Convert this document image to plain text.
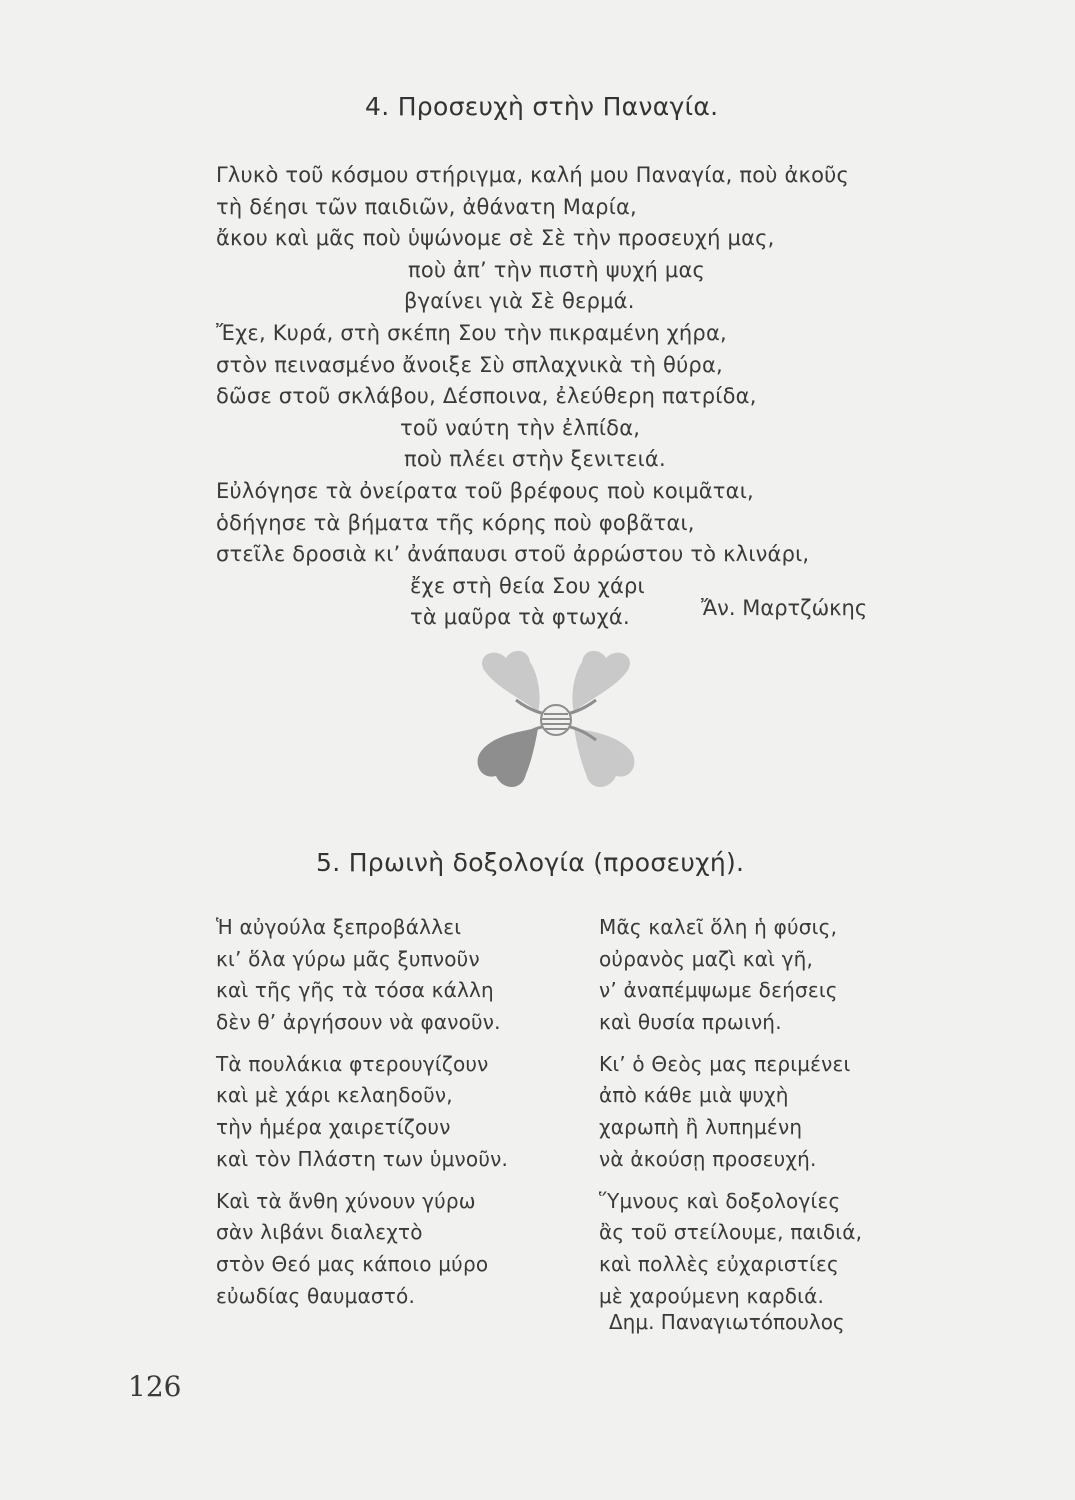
4. Προσευχὴ στὴν Παναγία.
Γλυκὸ τοῦ κόσμου στήριγμα, καλή μου Παναγία, ποὺ ἀκοῦς
τὴ δέησι τῶν παιδιῶν, ἀθάνατη Μαρία,
ἄκου καὶ μᾶς ποὺ ὑψώνομε σὲ Σὲ τὴν προσευχή μας,
ποὺ ἀπ’ τὴν πιστὴ ψυχή μας
βγαίνει γιὰ Σὲ θερμά.
Ἔχε, Κυρά, στὴ σκέπη Σου τὴν πικραμένη χήρα,
στὸν πεινασμένο ἄνοιξε Σὺ σπλαχνικὰ τὴ θύρα,
δῶσε στοῦ σκλάβου, Δέσποινα, ἐλεύθερη πατρίδα,
τοῦ ναύτη τὴν ἐλπίδα,
ποὺ πλέει στὴν ξενιτειά.
Εὐλόγησε τὰ ὀνείρατα τοῦ βρέφους ποὺ κοιμᾶται,
ὁδήγησε τὰ βήματα τῆς κόρης ποὺ φοβᾶται,
στεῖλε δροσιὰ κι’ ἀνάπαυσι στοῦ ἀρρώστου τὸ κλινάρι,
ἔχε στὴ θεία Σου χάρι
τὰ μαῦρα τὰ φτωχά.	Ἄν. Μαρτζώκης
5. Πρωινὴ δοξολογία (προσευχή).
Ἡ αὐγούλα ξεπροβάλλει
κι’ ὅλα γύρω μᾶς ξυπνοῦν
καὶ τῆς γῆς τὰ τόσα κάλλη
δὲν θ’ ἀργήσουν νὰ φανοῦν.
Τὰ πουλάκια φτερουγίζουν
καὶ μὲ χάρι κελαηδοῦν,
τὴν ἡμέρα χαιρετίζουν
καὶ τὸν Πλάστη των ὑμνοῦν.
Καὶ τὰ ἄνθη χύνουν γύρω
σὰν λιβάνι διαλεχτὸ
στὸν Θεό μας κάποιο μύρο
εὐωδίας θαυμαστό.
Μᾶς καλεῖ ὅλη ἡ φύσις,
οὐρανὸς μαζὶ καὶ γῆ,
ν’ ἀναπέμψωμε δεήσεις
καὶ θυσία πρωινή.
Κι’ ὁ Θεὸς μας περιμένει
ἀπὸ κάθε μιὰ ψυχὴ
χαρωπὴ ἢ λυπημένη
νὰ ἀκούσῃ προσευχή.
Ὕμνους καὶ δοξολογίες
ἂς τοῦ στείλουμε, παιδιά,
καὶ πολλὲς εὐχαριστίες
μὲ χαρούμενη καρδιά.
Δημ. Παναγιωτόπουλος
126
